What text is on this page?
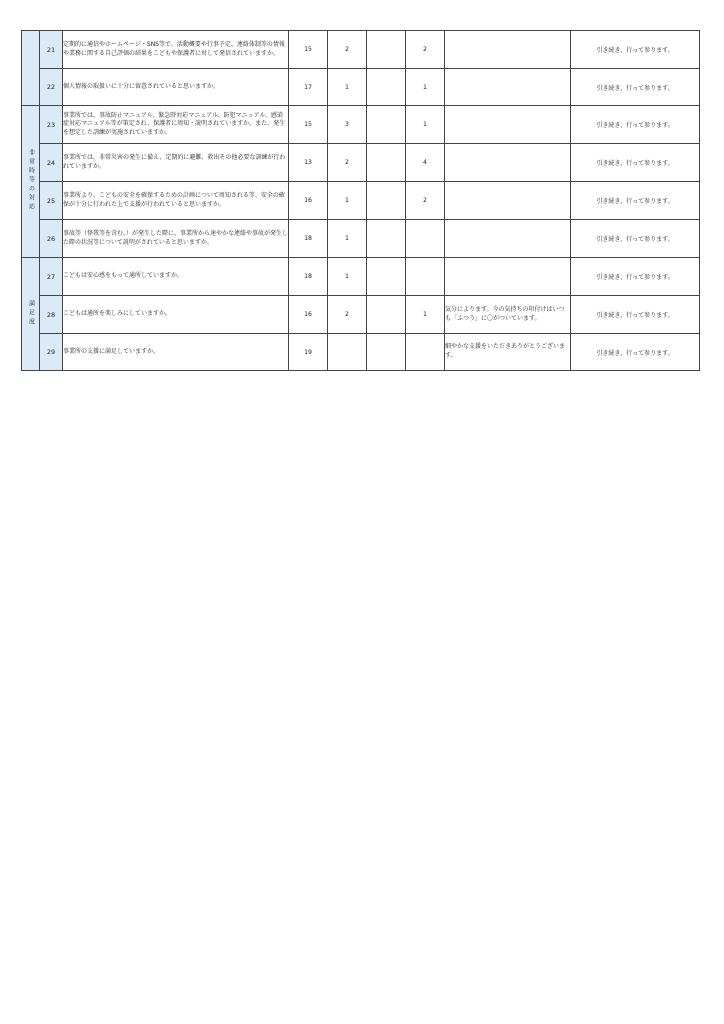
	21	定期的に通信やホームページ・SNS等で、活動概要や行事予定、連絡体制等の情報や業務に関する自己評価の結果をこどもや保護者に対して発信されていますか。	15	2		2		引き続き、行って参ります。
	22	個人情報の取扱いに十分に留意されていると思いますか。	17	1		1		引き続き、行って参ります。
非常時等の対応	23	事業所では、事故防止マニュアル、緊急時対応マニュアル、防犯マニュアル、感染症対応マニュアル等が策定され、保護者に周知・説明されていますか。また、発生を想定した訓練が実施されていますか。	15	3		1		引き続き、行って参ります。
	24	事業所では、非常災害の発生に備え、定期的に避難、救出その他必要な訓練が行われていますか。	13	2		4		引き続き、行って参ります。
	25	事業所より、こどもの安全を確保するための計画について周知される等、安全の確保が十分に行われた上で支援が行われていると思いますか。	16	1		2		引き続き、行って参ります。
	26	事故等（怪我等を含む。）が発生した際に、事業所から速やかな連絡や事故が発生した際の状況等について説明がされていると思いますか。	18	1				引き続き、行って参ります。
満足度	27	こどもは安心感をもって通所していますか。	18	1				引き続き、行って参ります。
	28	こどもは通所を楽しみにしていますか。	16	2		1	気分によります。今の気持ちの印付けはいつも「ふつう」に〇がついています。	引き続き、行って参ります。
	29	事業所の支援に満足していますか。	19				細やかな支援をいただきありがとうございます。	引き続き、行って参ります。
